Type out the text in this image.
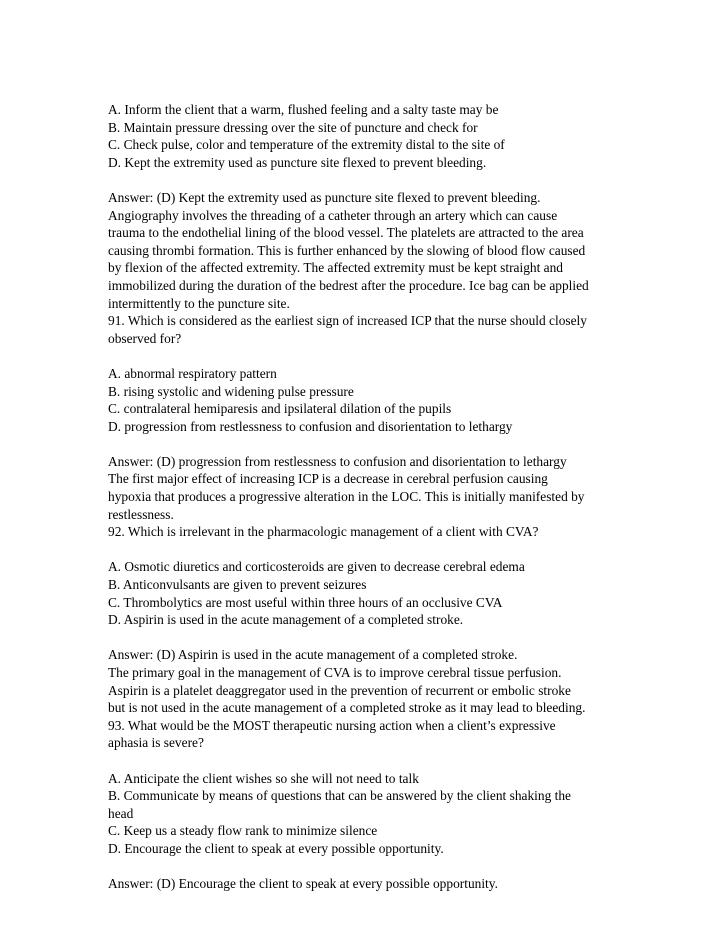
A. Inform the client that a warm, flushed feeling and a salty taste may be
B. Maintain pressure dressing over the site of puncture and check for
C. Check pulse, color and temperature of the extremity distal to the site of
D. Kept the extremity used as puncture site flexed to prevent bleeding.
Answer: (D) Kept the extremity used as puncture site flexed to prevent bleeding.
Angiography involves the threading of a catheter through an artery which can cause
trauma to the endothelial lining of the blood vessel. The platelets are attracted to the area
causing thrombi formation. This is further enhanced by the slowing of blood flow caused
by flexion of the affected extremity. The affected extremity must be kept straight and
immobilized during the duration of the bedrest after the procedure. Ice bag can be applied
intermittently to the puncture site.
91. Which is considered as the earliest sign of increased ICP that the nurse should closely
observed for?
A. abnormal respiratory pattern
B. rising systolic and widening pulse pressure
C. contralateral hemiparesis and ipsilateral dilation of the pupils
D. progression from restlessness to confusion and disorientation to lethargy
Answer: (D) progression from restlessness to confusion and disorientation to lethargy
The first major effect of increasing ICP is a decrease in cerebral perfusion causing
hypoxia that produces a progressive alteration in the LOC. This is initially manifested by
restlessness.
92. Which is irrelevant in the pharmacologic management of a client with CVA?
A. Osmotic diuretics and corticosteroids are given to decrease cerebral edema
B. Anticonvulsants are given to prevent seizures
C. Thrombolytics are most useful within three hours of an occlusive CVA
D. Aspirin is used in the acute management of a completed stroke.
Answer: (D) Aspirin is used in the acute management of a completed stroke.
The primary goal in the management of CVA is to improve cerebral tissue perfusion.
Aspirin is a platelet deaggregator used in the prevention of recurrent or embolic stroke
but is not used in the acute management of a completed stroke as it may lead to bleeding.
93. What would be the MOST therapeutic nursing action when a client’s expressive
aphasia is severe?
A. Anticipate the client wishes so she will not need to talk
B. Communicate by means of questions that can be answered by the client shaking the
head
C. Keep us a steady flow rank to minimize silence
D. Encourage the client to speak at every possible opportunity.
Answer: (D) Encourage the client to speak at every possible opportunity.
